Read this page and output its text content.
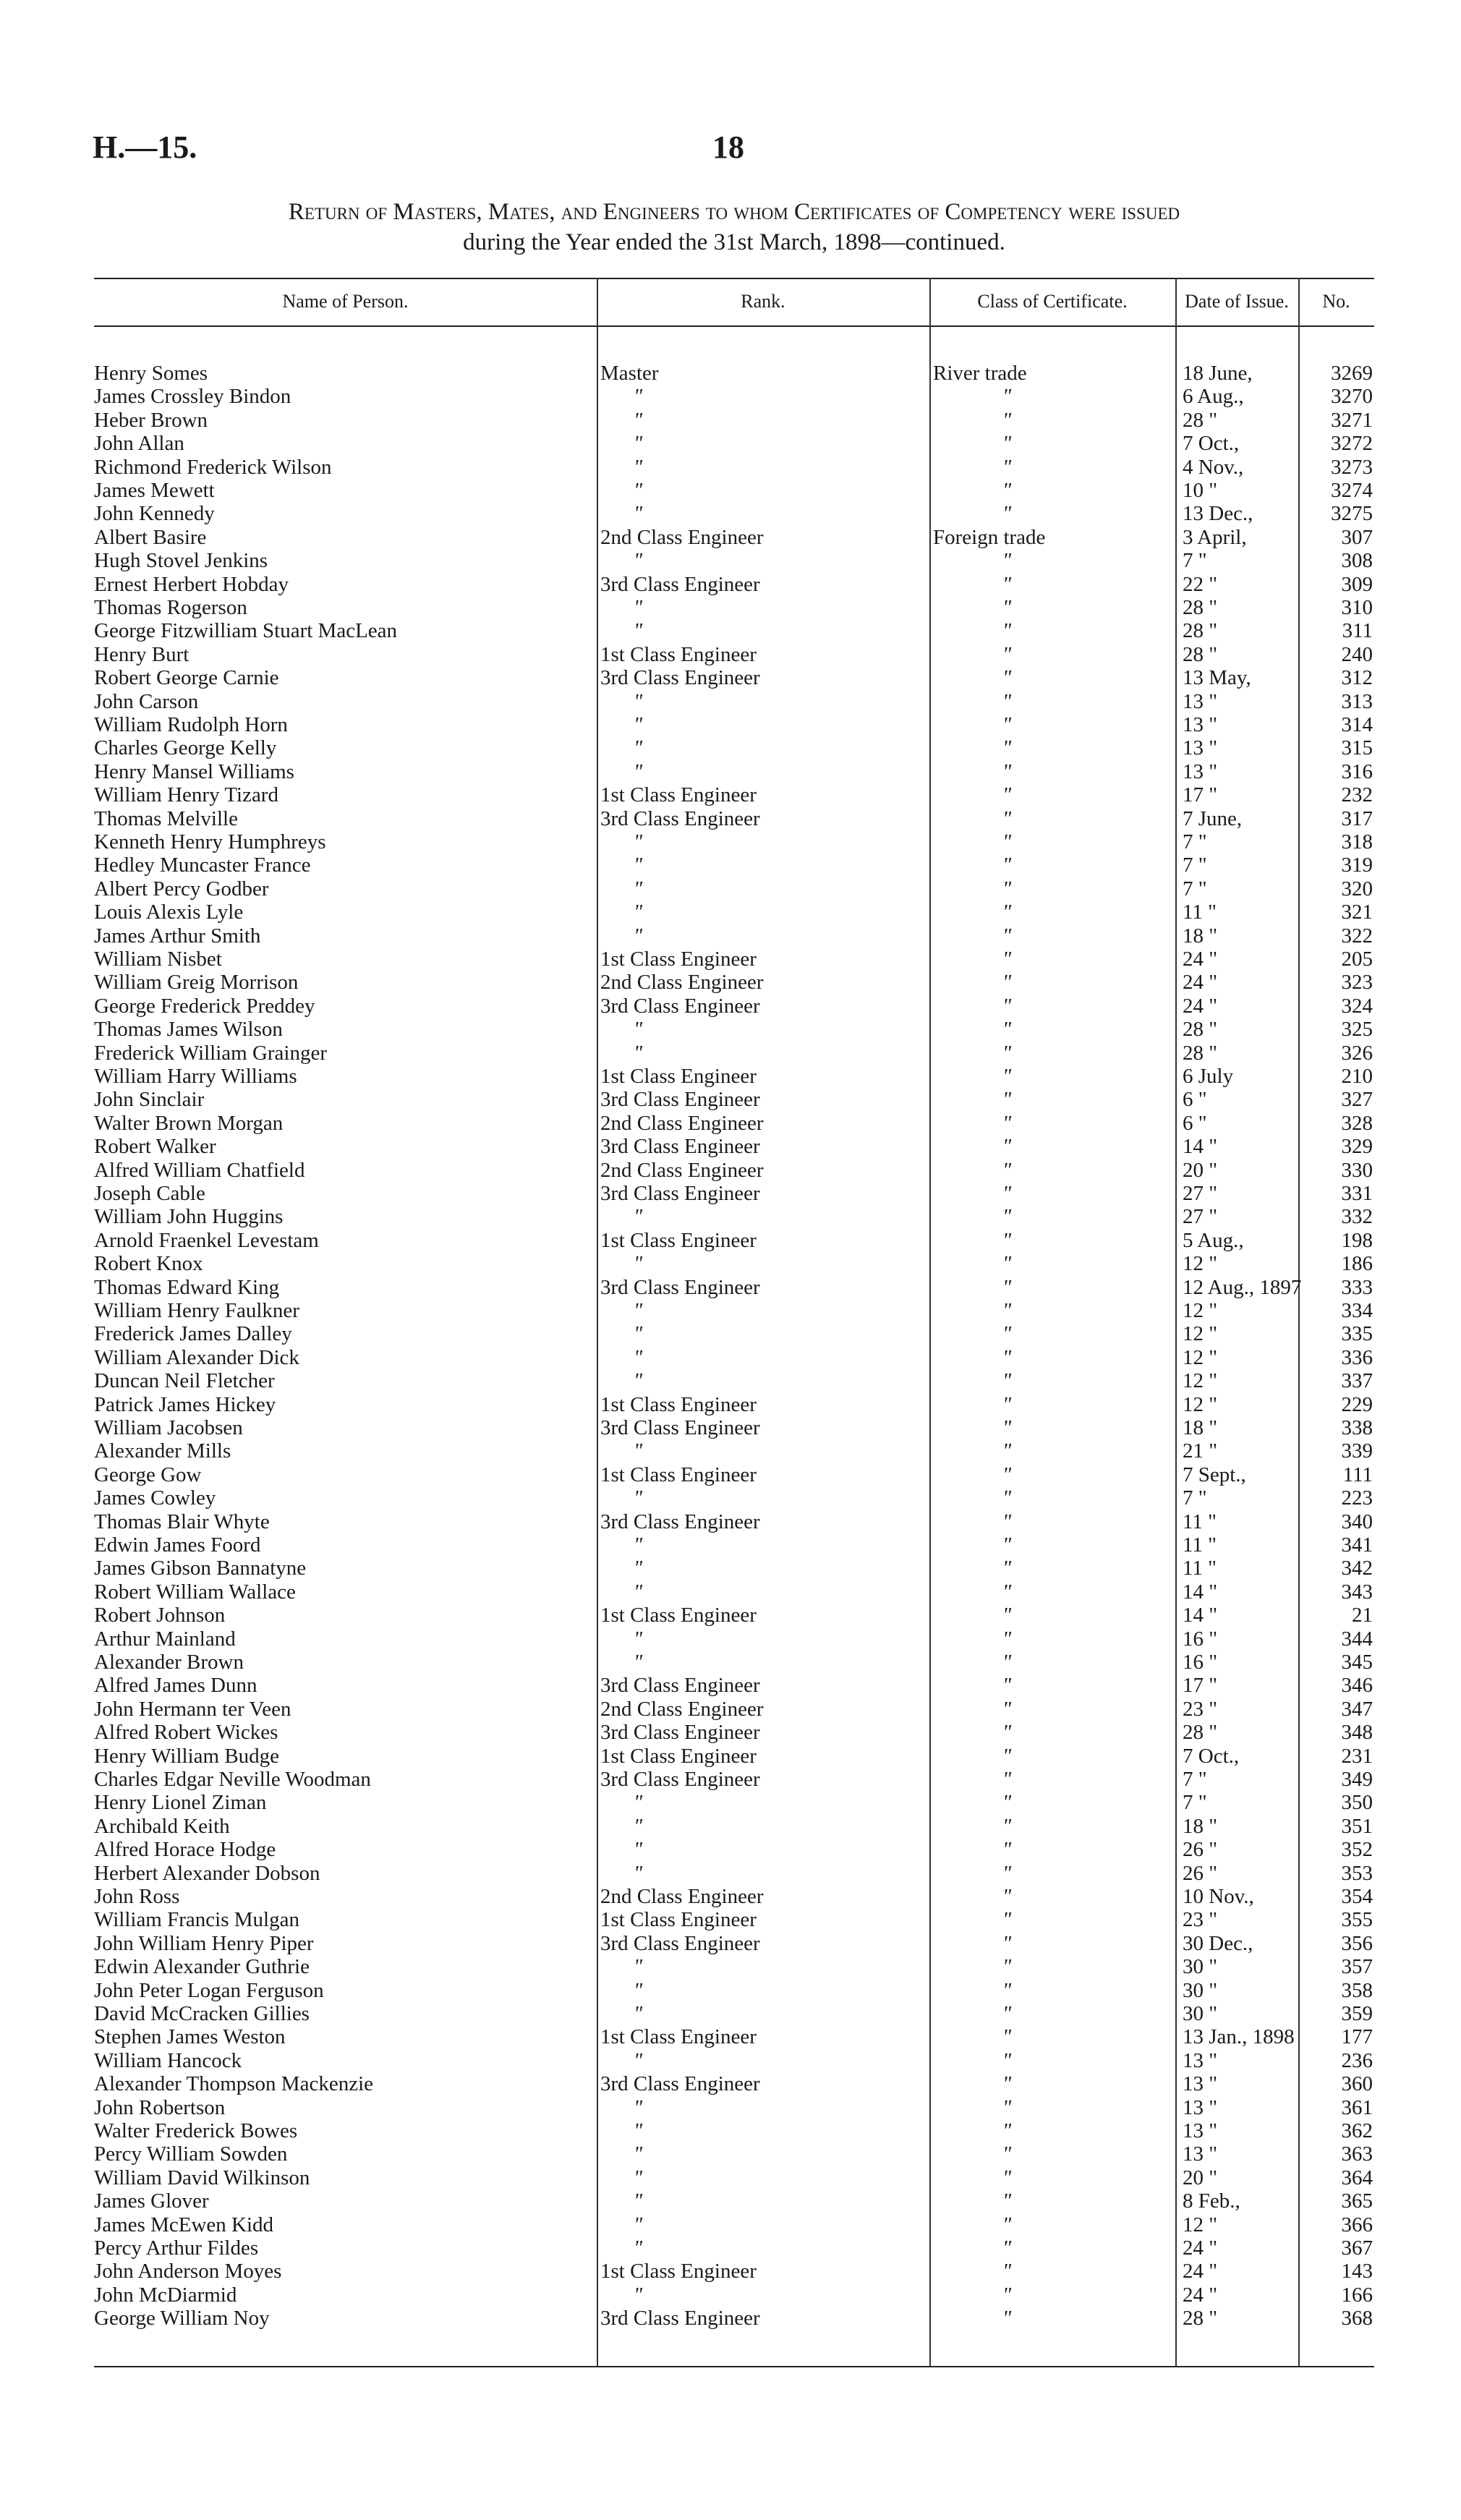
H.—15.	18
Return of Masters, Mates, and Engineers to whom Certificates of Competency were issued
during the Year ended the 31st March, 1898—continued.
Name of Person.	Rank.	Class of Certificate.	Date of Issue.	No.
Henry Somes	Master	River trade	18 June,	3269
James Crossley Bindon	"	"	6 Aug.,	3270
Heber Brown	"	"	28 "	3271
John Allan	"	"	7 Oct.,	3272
Richmond Frederick Wilson	"	"	4 Nov.,	3273
James Mewett	"	"	10 "	3274
John Kennedy	"	"	13 Dec.,	3275
Albert Basire	2nd Class Engineer	Foreign trade	3 April,	307
Hugh Stovel Jenkins	"	"	7 "	308
Ernest Herbert Hobday	3rd Class Engineer	"	22 "	309
Thomas Rogerson	"	"	28 "	310
George Fitzwilliam Stuart MacLean	"	"	28 "	311
Henry Burt	1st Class Engineer	"	28 "	240
Robert George Carnie	3rd Class Engineer	"	13 May,	312
John Carson	"	"	13 "	313
William Rudolph Horn	"	"	13 "	314
Charles George Kelly	"	"	13 "	315
Henry Mansel Williams	"	"	13 "	316
William Henry Tizard	1st Class Engineer	"	17 "	232
Thomas Melville	3rd Class Engineer	"	7 June,	317
Kenneth Henry Humphreys	"	"	7 "	318
Hedley Muncaster France	"	"	7 "	319
Albert Percy Godber	"	"	7 "	320
Louis Alexis Lyle	"	"	11 "	321
James Arthur Smith	"	"	18 "	322
William Nisbet	1st Class Engineer	"	24 "	205
William Greig Morrison	2nd Class Engineer	"	24 "	323
George Frederick Preddey	3rd Class Engineer	"	24 "	324
Thomas James Wilson	"	"	28 "	325
Frederick William Grainger	"	"	28 "	326
William Harry Williams	1st Class Engineer	"	6 July	210
John Sinclair	3rd Class Engineer	"	6 "	327
Walter Brown Morgan	2nd Class Engineer	"	6 "	328
Robert Walker	3rd Class Engineer	"	14 "	329
Alfred William Chatfield	2nd Class Engineer	"	20 "	330
Joseph Cable	3rd Class Engineer	"	27 "	331
William John Huggins	"	"	27 "	332
Arnold Fraenkel Levestam	1st Class Engineer	"	5 Aug.,	198
Robert Knox	"	"	12 "	186
Thomas Edward King	3rd Class Engineer	"	12 Aug., 1897	333
William Henry Faulkner	"	"	12 "	334
Frederick James Dalley	"	"	12 "	335
William Alexander Dick	"	"	12 "	336
Duncan Neil Fletcher	"	"	12 "	337
Patrick James Hickey	1st Class Engineer	"	12 "	229
William Jacobsen	3rd Class Engineer	"	18 "	338
Alexander Mills	"	"	21 "	339
George Gow	1st Class Engineer	"	7 Sept.,	111
James Cowley	"	"	7 "	223
Thomas Blair Whyte	3rd Class Engineer	"	11 "	340
Edwin James Foord	"	"	11 "	341
James Gibson Bannatyne	"	"	11 "	342
Robert William Wallace	"	"	14 "	343
Robert Johnson	1st Class Engineer	"	14 "	21
Arthur Mainland	"	"	16 "	344
Alexander Brown	"	"	16 "	345
Alfred James Dunn	3rd Class Engineer	"	17 "	346
John Hermann ter Veen	2nd Class Engineer	"	23 "	347
Alfred Robert Wickes	3rd Class Engineer	"	28 "	348
Henry William Budge	1st Class Engineer	"	7 Oct.,	231
Charles Edgar Neville Woodman	3rd Class Engineer	"	7 "	349
Henry Lionel Ziman	"	"	7 "	350
Archibald Keith	"	"	18 "	351
Alfred Horace Hodge	"	"	26 "	352
Herbert Alexander Dobson	"	"	26 "	353
John Ross	2nd Class Engineer	"	10 Nov.,	354
William Francis Mulgan	1st Class Engineer	"	23 "	355
John William Henry Piper	3rd Class Engineer	"	30 Dec.,	356
Edwin Alexander Guthrie	"	"	30 "	357
John Peter Logan Ferguson	"	"	30 "	358
David McCracken Gillies	"	"	30 "	359
Stephen James Weston	1st Class Engineer	"	13 Jan., 1898	177
William Hancock	"	"	13 "	236
Alexander Thompson Mackenzie	3rd Class Engineer	"	13 "	360
John Robertson	"	"	13 "	361
Walter Frederick Bowes	"	"	13 "	362
Percy William Sowden	"	"	13 "	363
William David Wilkinson	"	"	20 "	364
James Glover	"	"	8 Feb.,	365
James McEwen Kidd	"	"	12 "	366
Percy Arthur Fildes	"	"	24 "	367
John Anderson Moyes	1st Class Engineer	"	24 "	143
John McDiarmid	"	"	24 "	166
George William Noy	3rd Class Engineer	"	28 "	368
